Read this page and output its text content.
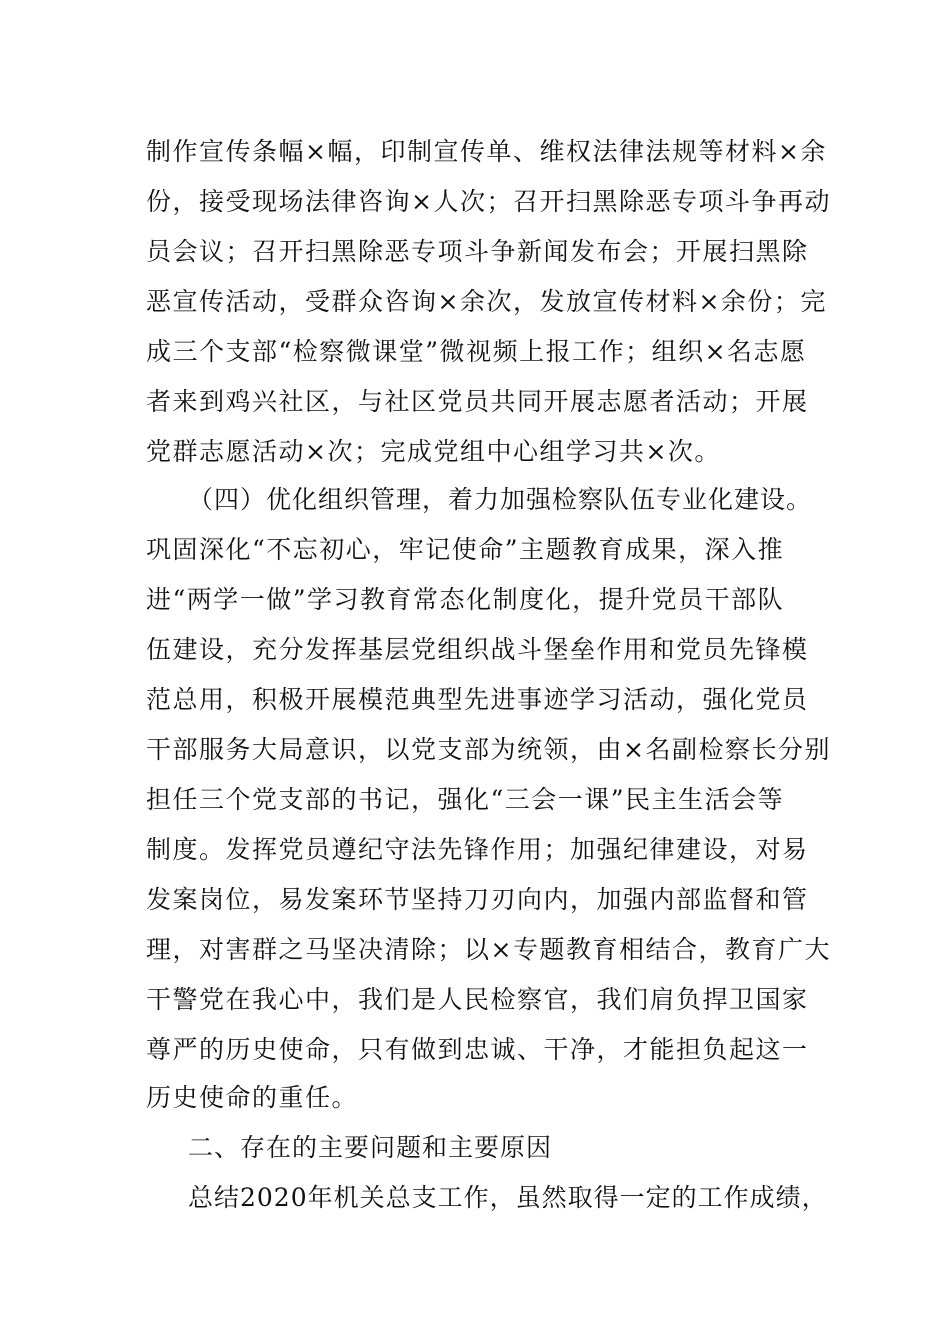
制作宣传条幅×幅，印制宣传单、维权法律法规等材料×余
份，接受现场法律咨询×人次；召开扫黑除恶专项斗争再动
员会议；召开扫黑除恶专项斗争新闻发布会；开展扫黑除
恶宣传活动，受群众咨询×余次，发放宣传材料×余份；完
成三个支部“检察微课堂”微视频上报工作；组织×名志愿
者来到鸡兴社区，与社区党员共同开展志愿者活动；开展
党群志愿活动×次；完成党组中心组学习共×次。
（四）优化组织管理，着力加强检察队伍专业化建设。
巩固深化“不忘初心，牢记使命”主题教育成果，深入推
进“两学一做”学习教育常态化制度化，提升党员干部队
伍建设，充分发挥基层党组织战斗堡垒作用和党员先锋模
范总用，积极开展模范典型先进事迹学习活动，强化党员
干部服务大局意识，以党支部为统领，由×名副检察长分别
担任三个党支部的书记，强化“三会一课”民主生活会等
制度。发挥党员遵纪守法先锋作用；加强纪律建设，对易
发案岗位，易发案环节坚持刀刃向内，加强内部监督和管
理，对害群之马坚决清除；以×专题教育相结合，教育广大
干警党在我心中，我们是人民检察官，我们肩负捍卫国家
尊严的历史使命，只有做到忠诚、干净，才能担负起这一
历史使命的重任。
二、存在的主要问题和主要原因
总结2020年机关总支工作，虽然取得一定的工作成绩，
